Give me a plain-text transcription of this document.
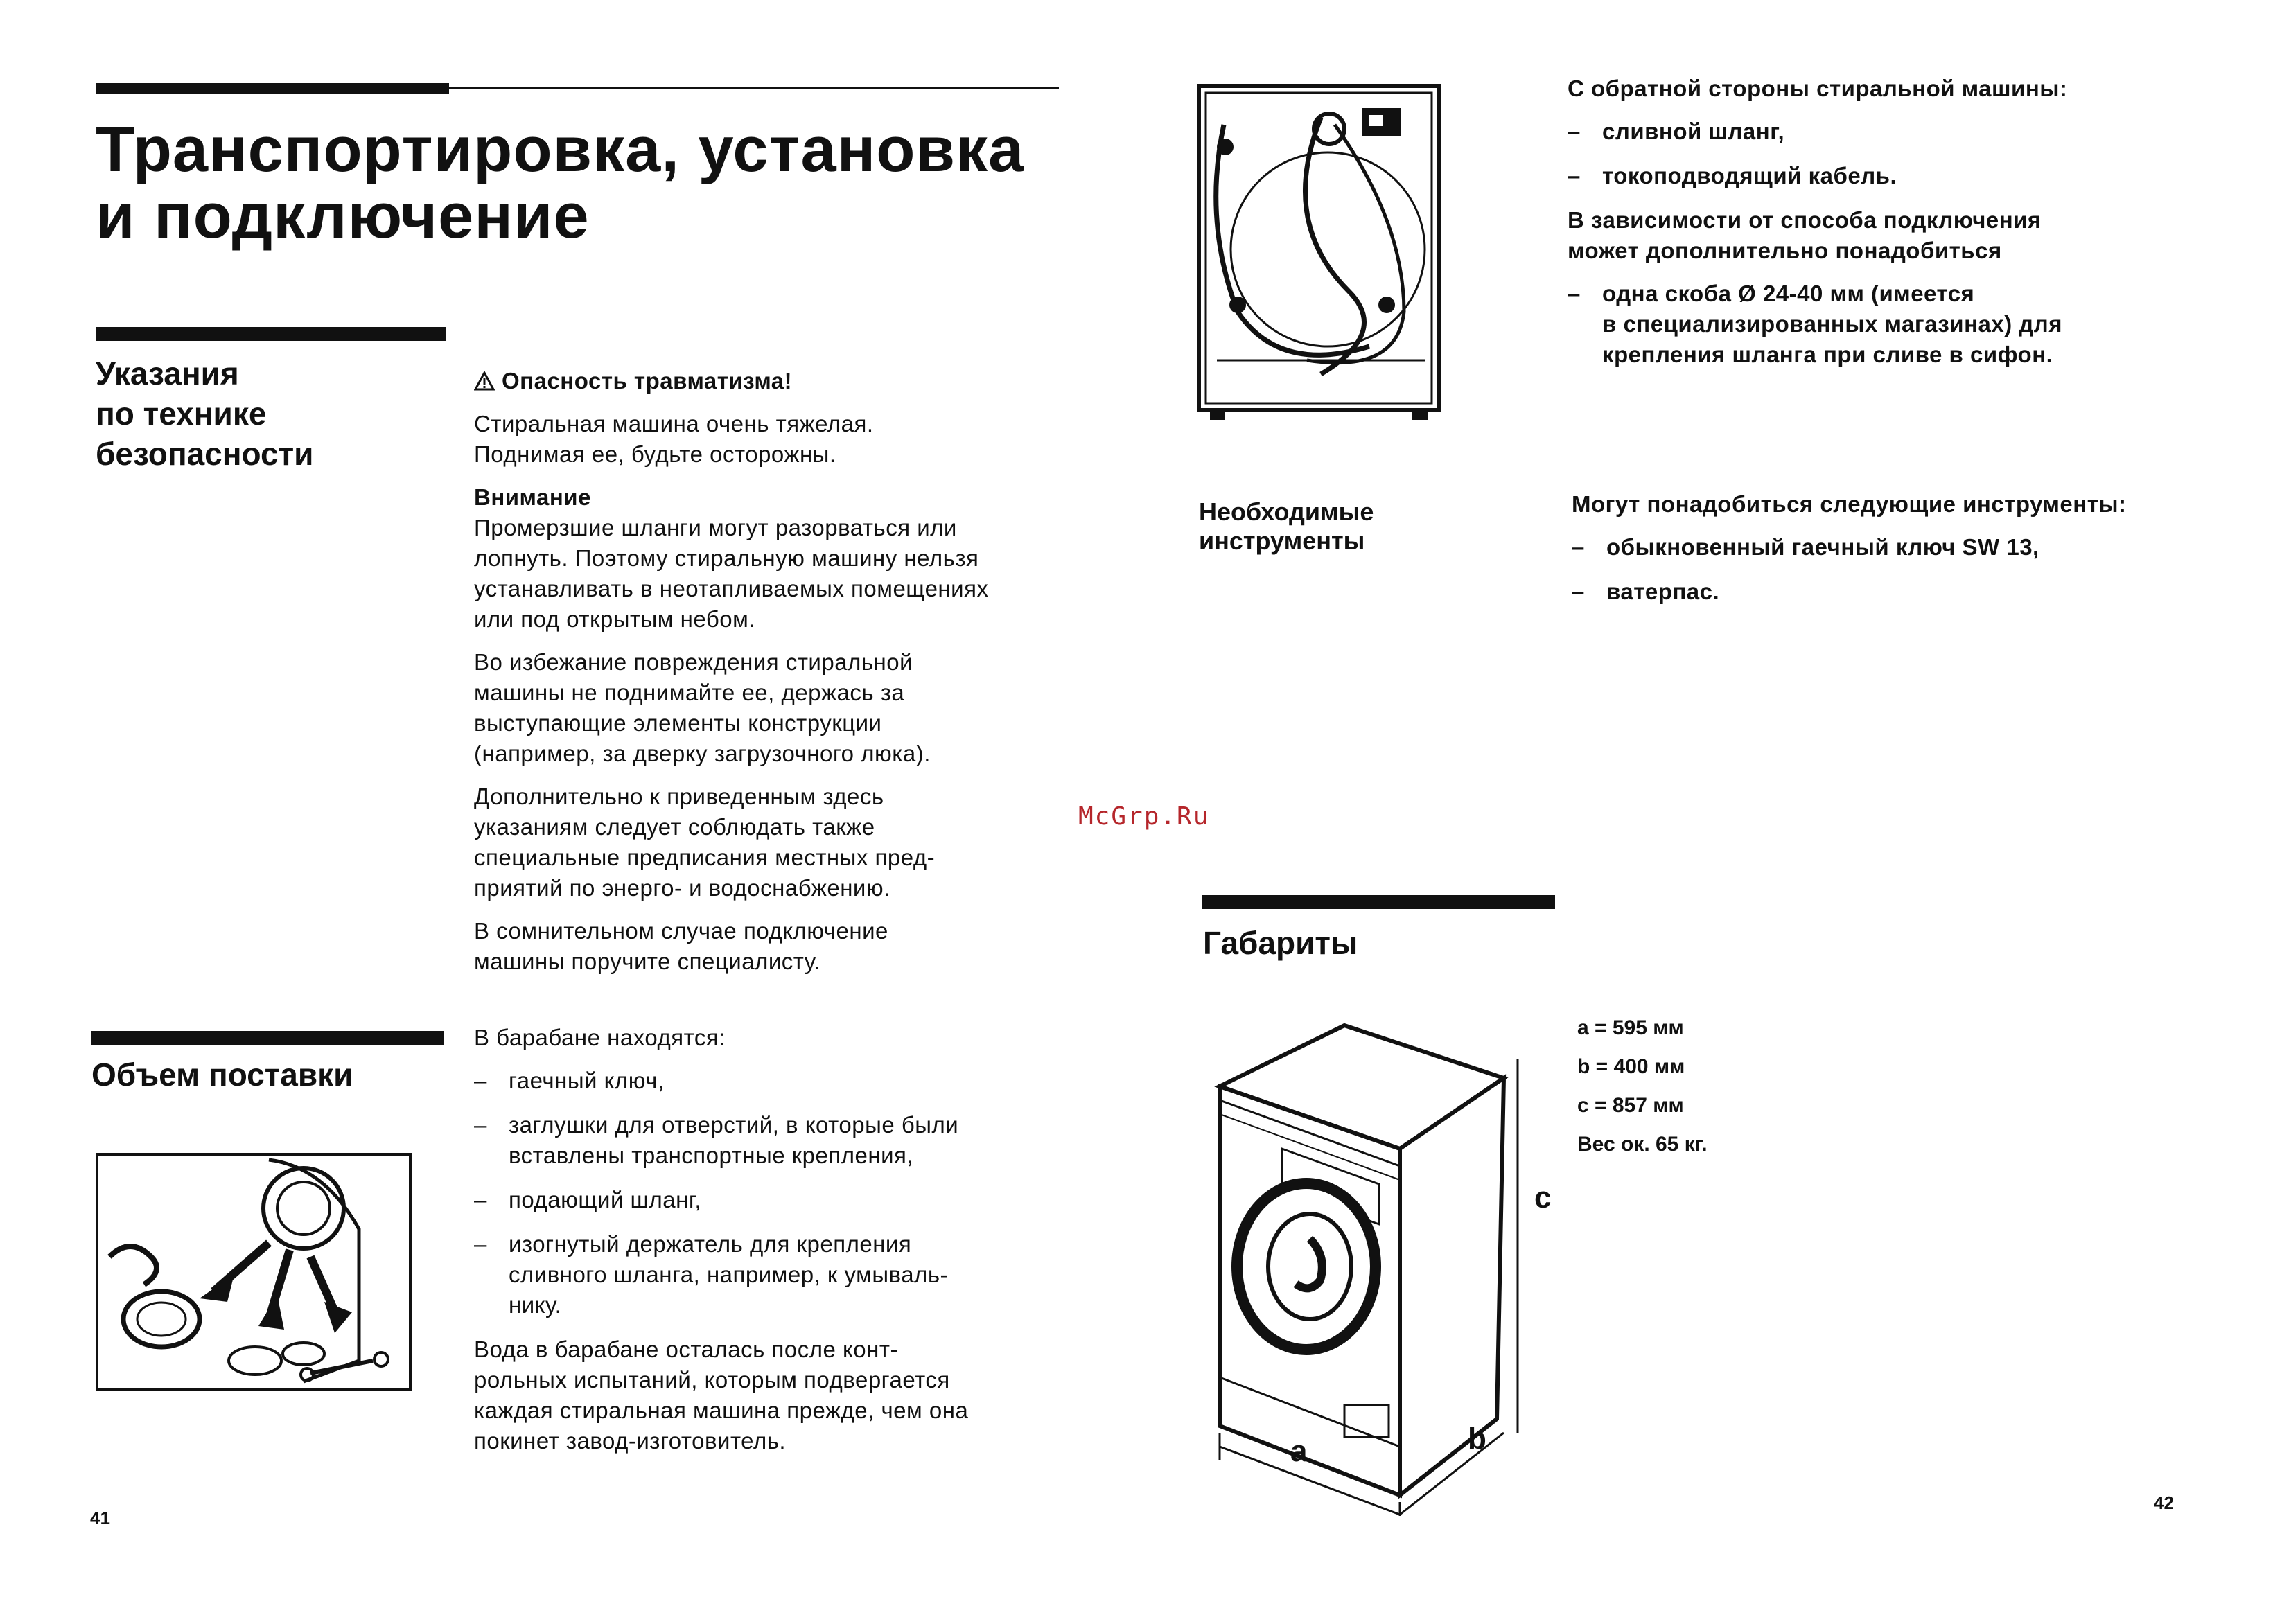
Транспортировка, установка
и подключение
Указания
по технике
безопасности
Опасность травматизма!
Стиральная машина очень тяжелая.
Поднимая ее, будьте осторожны.
Внимание
Промерзшие шланги могут разорваться или
лопнуть. Поэтому стиральную машину нельзя
устанавливать в неотапливаемых помещениях
или под открытым небом.
Во избежание повреждения стиральной
машины не поднимайте ее, держась за
выступающие элементы конструкции
(например, за дверку загрузочного люка).
Дополнительно к приведенным здесь
указаниям следует соблюдать также
специальные предписания местных пред-
приятий по энерго- и водоснабжению.
В сомнительном случае подключение
машины поручите специалисту.
Объем поставки
В барабане находятся:
– гаечный ключ,
– заглушки для отверстий, в которые были
вставлены транспортные крепления,
– подающий шланг,
– изогнутый держатель для крепления
сливного шланга, например, к умываль-
нику.
Вода в барабане осталась после конт-
рольных испытаний, которым подвергается
каждая стиральная машина прежде, чем она
покинет завод-изготовитель.
41
С обратной стороны стиральной машины:
– сливной шланг,
– токоподводящий кабель.
В зависимости от способа подключения
может дополнительно понадобиться
– одна скоба Ø 24-40 мм (имеется
в специализированных магазинах) для
крепления шланга при сливе в сифон.
Необходимые
инструменты
Могут понадобиться следующие инструменты:
– обыкновенный гаечный ключ SW 13,
– ватерпас.
McGrp.Ru
Габариты
c
a	b
a = 595 мм
b = 400 мм
c = 857 мм
Вес ок. 65 кг.
42
